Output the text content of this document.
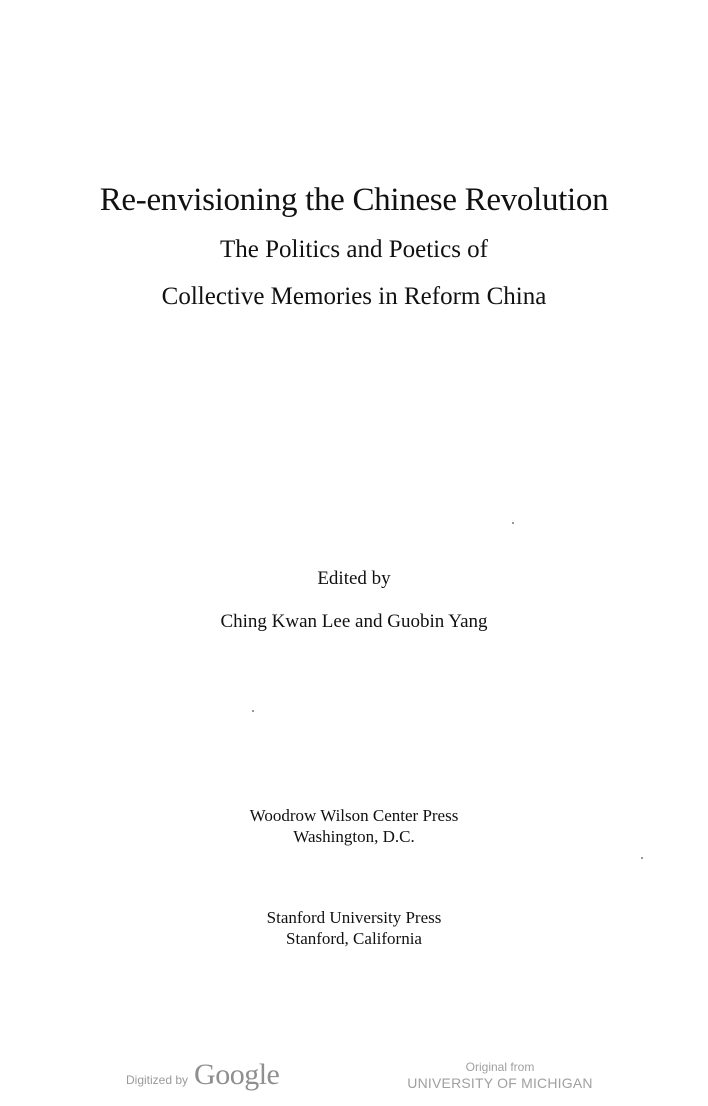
Re-envisioning the Chinese Revolution
The Politics and Poetics of
Collective Memories in Reform China
Edited by
Ching Kwan Lee and Guobin Yang
Woodrow Wilson Center Press
Washington, D.C.
Stanford University Press
Stanford, California
Digitized by Google	Original from
UNIVERSITY OF MICHIGAN
